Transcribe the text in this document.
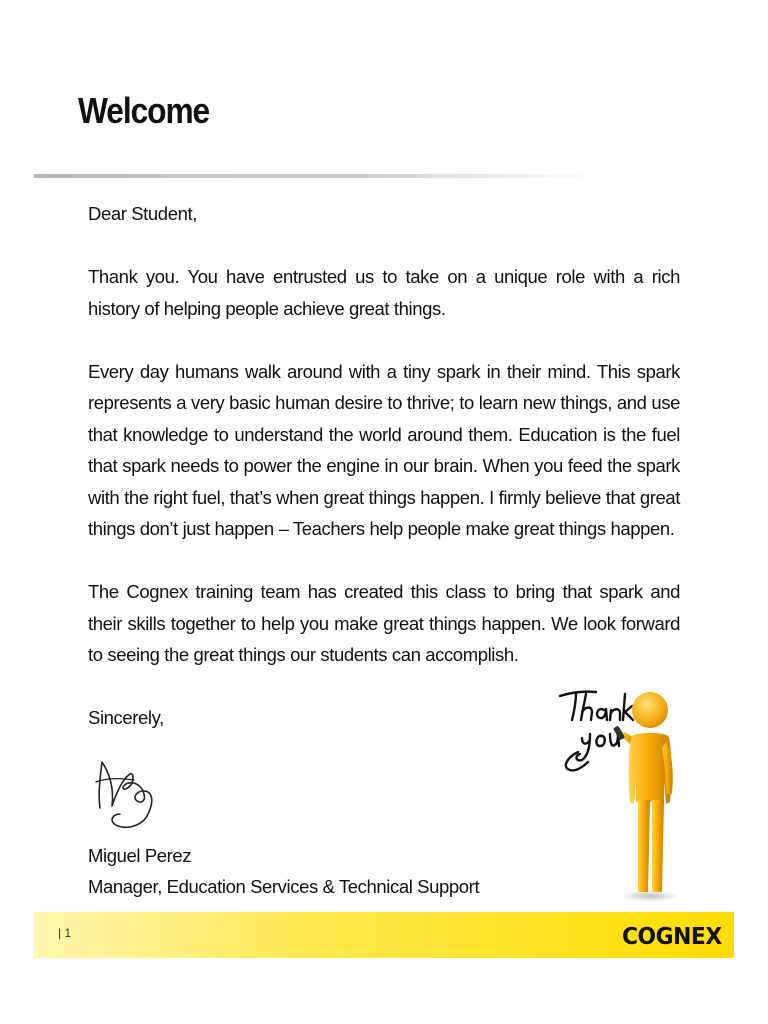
Welcome

Dear Student,

Thank you. You have entrusted us to take on a unique role with a rich history of helping people achieve great things.

Every day humans walk around with a tiny spark in their mind. This spark represents a very basic human desire to thrive; to learn new things, and use that knowledge to understand the world around them. Education is the fuel that spark needs to power the engine in our brain. When you feed the spark with the right fuel, that’s when great things happen. I firmly believe that great things don’t just happen – Teachers help people make great things happen.

The Cognex training team has created this class to bring that spark and their skills together to help you make great things happen. We look forward to seeing the great things our students can accomplish.

Sincerely,

Miguel Perez
Manager, Education Services & Technical Support
| 1	COGNEX
